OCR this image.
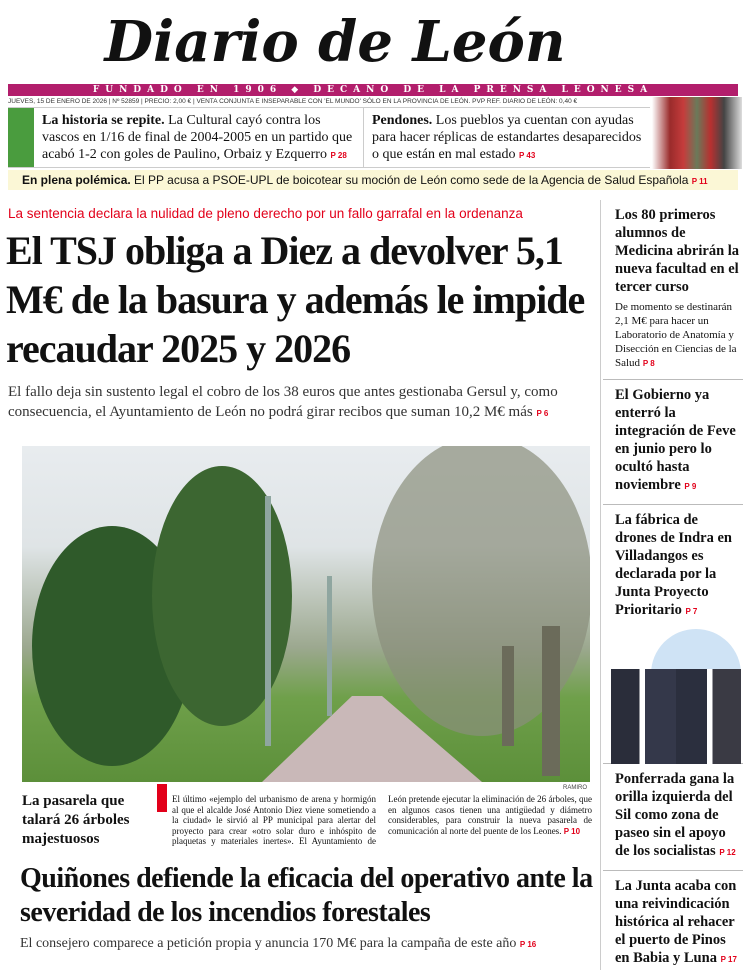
Diario de León
FUNDADO EN 1906 ◆ DECANO DE LA PRENSA LEONESA
JUEVES, 15 DE ENERO DE 2026 | Nº 52859 | PRECIO: 2,00 € | VENTA CONJUNTA E INSEPARABLE CON 'EL MUNDO' SÓLO EN LA PROVINCIA DE LEÓN. PVP REF. DIARIO DE LEÓN: 0,40 €
La historia se repite. La Cultural cayó contra los vascos en 1/16 de final de 2004-2005 en un partido que acabó 1-2 con goles de Paulino, Orbaiz y Ezquerro P 28
Pendones. Los pueblos ya cuentan con ayudas para hacer réplicas de estandartes desaparecidos o que están en mal estado P 43
En plena polémica. El PP acusa a PSOE-UPL de boicotear su moción de León como sede de la Agencia de Salud Española P 11
La sentencia declara la nulidad de pleno derecho por un fallo garrafal en la ordenanza
El TSJ obliga a Diez a devolver 5,1 M€ de la basura y además le impide recaudar 2025 y 2026
El fallo deja sin sustento legal el cobro de los 38 euros que antes gestionaba Gersul y, como consecuencia, el Ayuntamiento de León no podrá girar recibos que suman 10,2 M€ más P 6
RAMIRO
La pasarela que talará 26 árboles majestuosos
El último «ejemplo del urbanismo de arena y hormigón al que el alcalde José Antonio Diez viene sometiendo a la ciudad» le sirvió al PP municipal para alertar del proyecto para crear «otro solar duro e inhóspito de plaquetas y materiales inertes». El Ayuntamiento de León pretende ejecutar la eliminación de 26 árboles, que en algunos casos tienen una antigüedad y diámetro considerables, para construir la nueva pasarela de comunicación al norte del puente de los Leones. P 10
Quiñones defiende la eficacia del operativo ante la severidad de los incendios forestales
El consejero comparece a petición propia y anuncia 170 M€ para la campaña de este año P 16
Los 80 primeros alumnos de Medicina abrirán la nueva facultad en el tercer curso

De momento se destinarán 2,1 M€ para hacer un Laboratorio de Anatomía y Disección en Ciencias de la Salud P 8

El Gobierno ya enterró la integración de Feve en junio pero lo ocultó hasta noviembre P 9
La fábrica de drones de Indra en Villadangos es declarada por la Junta Proyecto Prioritario P 7
Ponferrada gana la orilla izquierda del Sil como zona de paseo sin el apoyo de los socialistas P 12
La Junta acaba con una reivindicación histórica al rehacer el puerto de Pinos en Babia y Luna P 17
